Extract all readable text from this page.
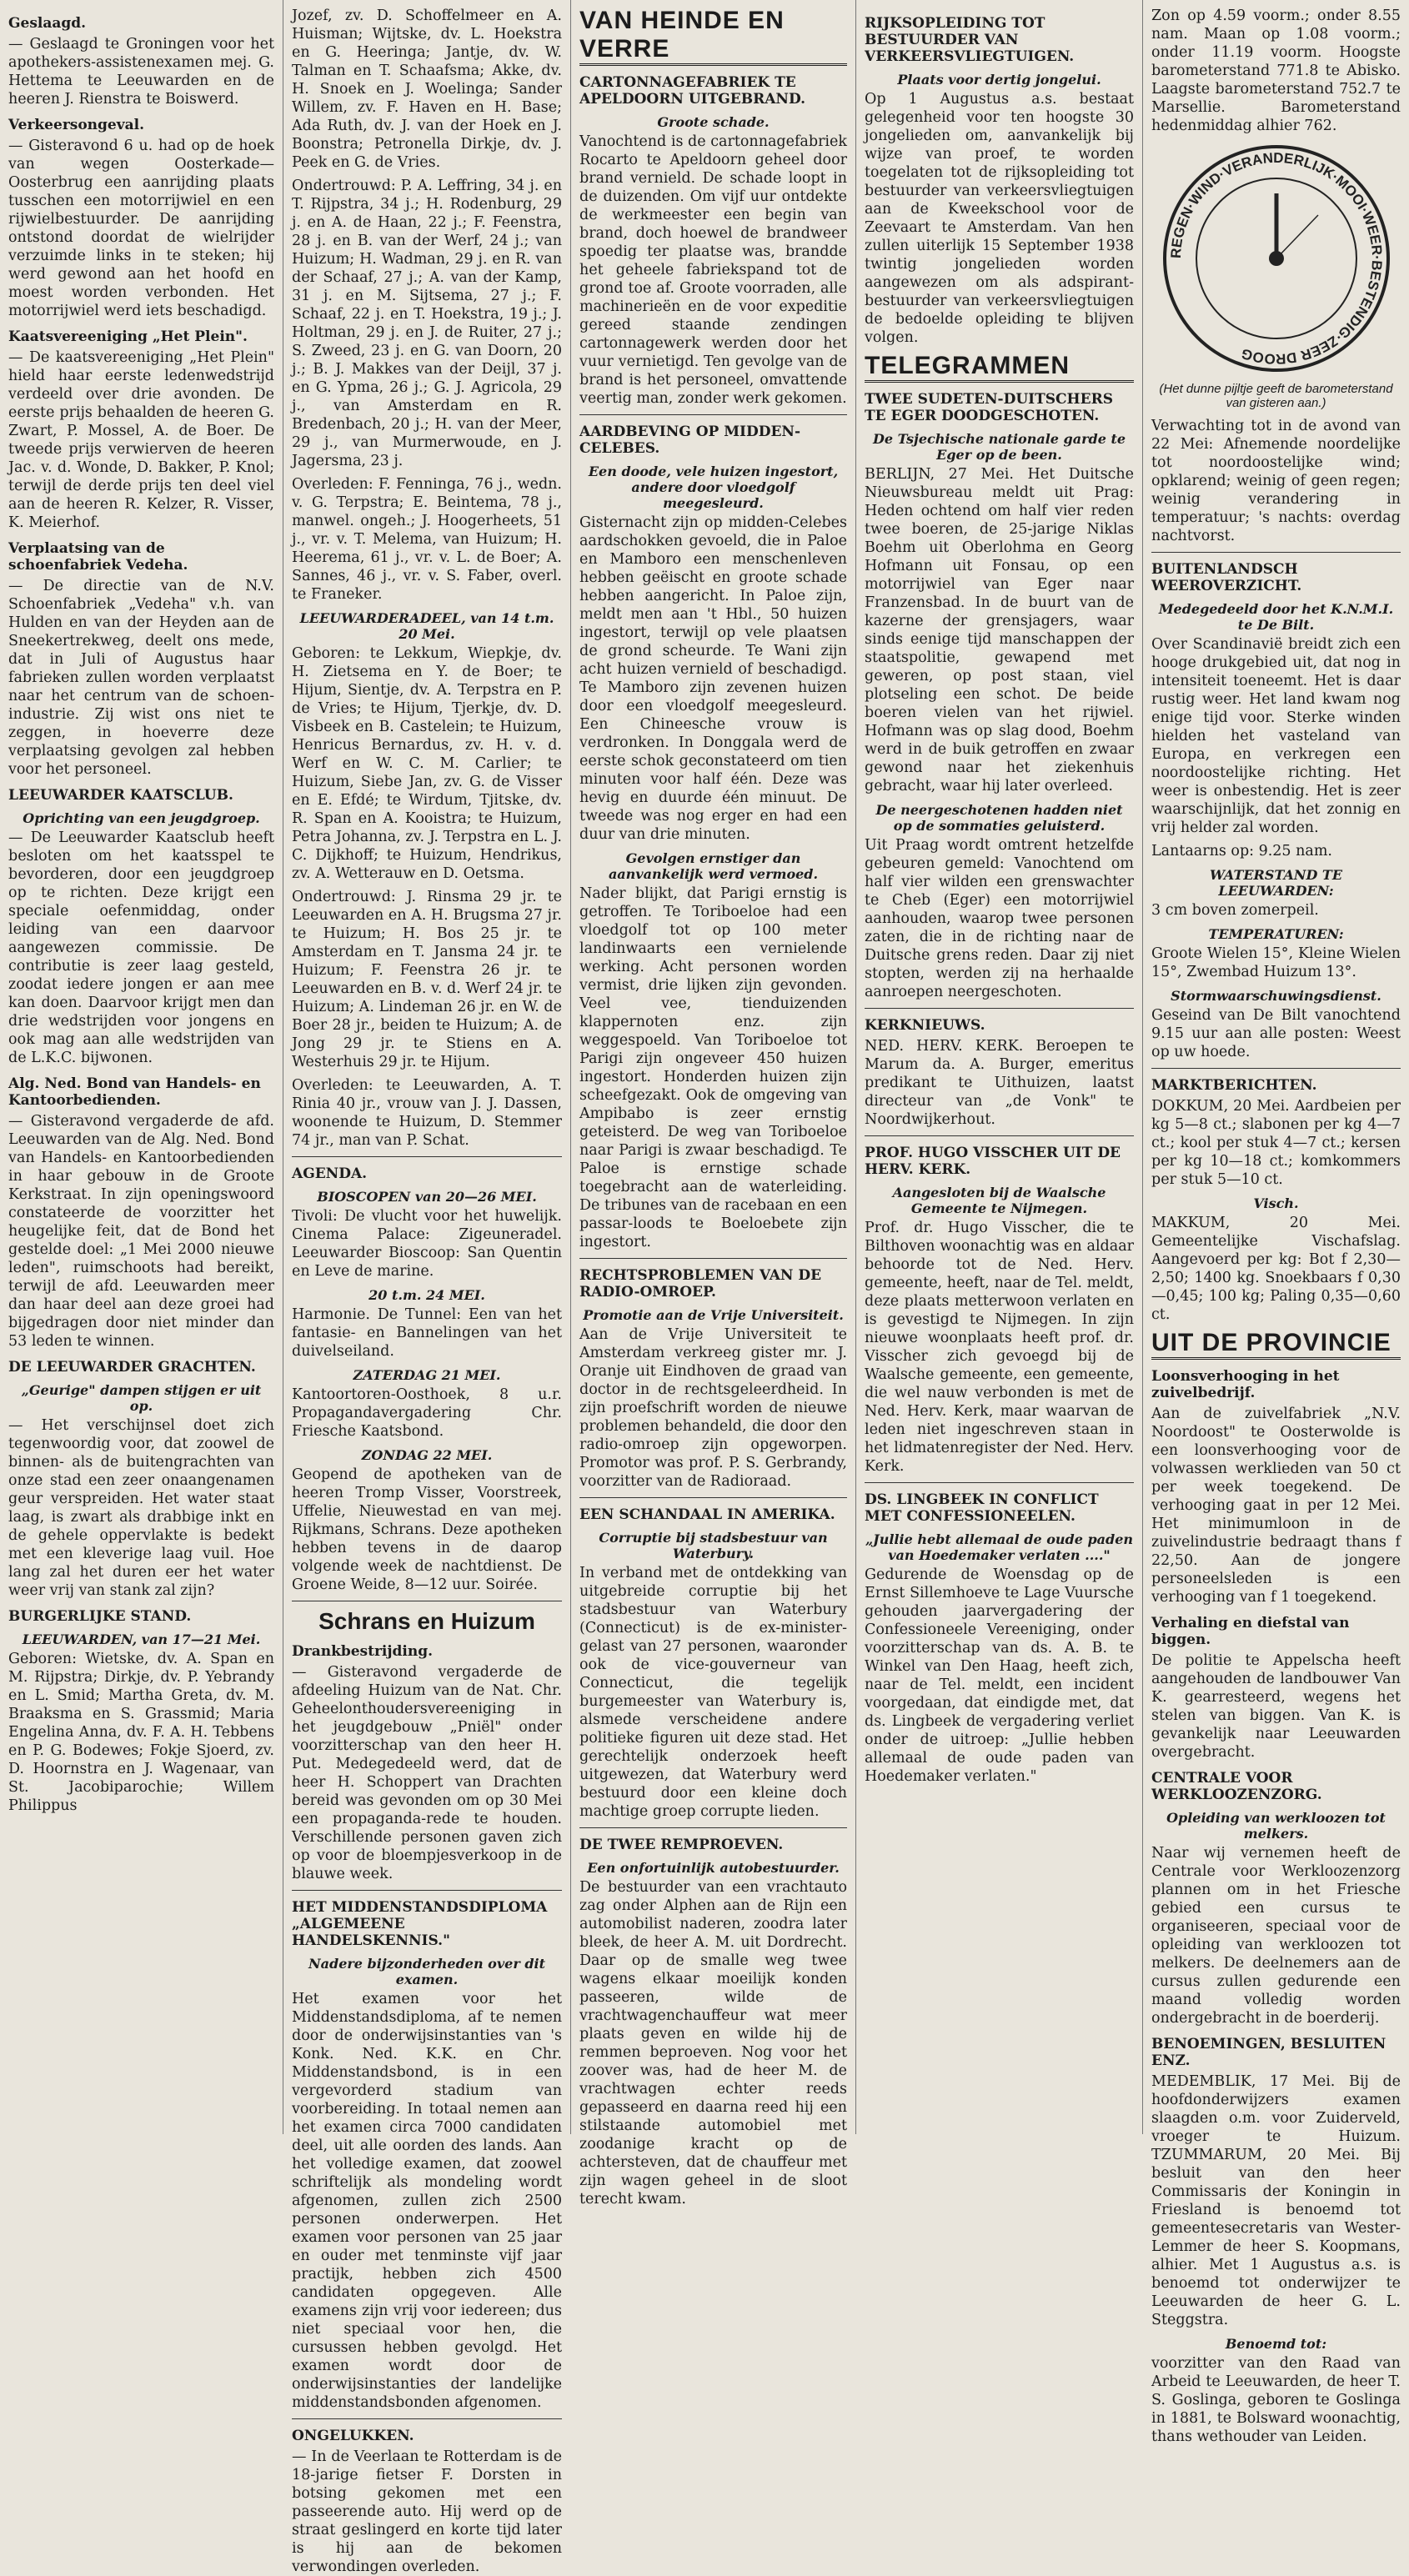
Geslaagd.

— Geslaagd te Groningen voor het apothekers-assistenexamen mej. G. Hettema te Leeuwarden en de heeren J. Rienstra te Boiswerd.

Verkeersongeval.

— Gisteravond 6 u. had op de hoek van wegen Oosterkade—Oosterbrug een aanrijding plaats tusschen een motorrijwiel en een rijwielbestuurder. De aanrijding ontstond doordat de wielrijder verzuimde links in te steken; hij werd gewond aan het hoofd en moest worden verbonden. Het motorrijwiel werd iets beschadigd.

Kaatsvereeniging „Het Plein".

— De kaatsvereeniging „Het Plein" hield haar eerste ledenwedstrijd verdeeld over drie avonden. De eerste prijs behaalden de heeren G. Zwart, P. Mossel, A. de Boer. De tweede prijs verwierven de heeren Jac. v. d. Wonde, D. Bakker, P. Knol; terwijl de derde prijs ten deel viel aan de heeren R. Kelzer, R. Visser, K. Meierhof.

Verplaatsing van de schoenfabriek Vedeha.

— De directie van de N.V. Schoenfabriek „Vedeha" v.h. van Hulden en van der Heyden aan de Sneekertrekweg, deelt ons mede, dat in Juli of Augustus haar fabrieken zullen worden verplaatst naar het centrum van de schoen-industrie. Zij wist ons niet te zeggen, in hoeverre deze verplaatsing gevolgen zal hebben voor het personeel.

LEEUWARDER KAATSCLUB.
Oprichting van een jeugdgroep.

— De Leeuwarder Kaatsclub heeft besloten om het kaatsspel te bevorderen, door een jeugdgroep op te richten. Deze krijgt een speciale oefenmiddag, onder leiding van een daarvoor aangewezen commissie. De contributie is zeer laag gesteld, zoodat iedere jongen er aan mee kan doen. Daarvoor krijgt men dan drie wedstrijden voor jongens en ook mag aan alle wedstrijden van de L.K.C. bijwonen.

Alg. Ned. Bond van Handels- en Kantoorbedienden.

— Gisteravond vergaderde de afd. Leeuwarden van de Alg. Ned. Bond van Handels- en Kantoorbedienden in haar gebouw in de Groote Kerkstraat. In zijn openingswoord constateerde de voorzitter het heugelijke feit, dat de Bond het gestelde doel: „1 Mei 2000 nieuwe leden", ruimschoots had bereikt, terwijl de afd. Leeuwarden meer dan haar deel aan deze groei had bijgedragen door niet minder dan 53 leden te winnen.

DE LEEUWARDER GRACHTEN.
„Geurige" dampen stijgen er uit op.

— Het verschijnsel doet zich tegenwoordig voor, dat zoowel de binnen- als de buitengrachten van onze stad een zeer onaangenamen geur verspreiden. Het water staat laag, is zwart als drabbige inkt en de gehele oppervlakte is bedekt met een kleverige laag vuil. Hoe lang zal het duren eer het water weer vrij van stank zal zijn?

BURGERLIJKE STAND.
LEEUWARDEN, van 17—21 Mei.

Geboren: Wietske, dv. A. Span en M. Rijpstra; Dirkje, dv. P. Yebrandy en L. Smid; Martha Greta, dv. M. Braaksma en S. Grassmid; Maria Engelina Anna, dv. F. A. H. Tebbens en P. G. Bodewes; Fokje Sjoerd, zv. D. Hoornstra en J. Wagenaar, van St. Jacobiparochie; Willem Philippus

Jozef, zv. D. Schoffelmeer en A. Huisman; Wijtske, dv. L. Hoekstra en G. Heeringa; Jantje, dv. W. Talman en T. Schaafsma; Akke, dv. H. Snoek en J. Woelinga; Sander Willem, zv. F. Haven en H. Base; Ada Ruth, dv. J. van der Hoek en J. Boonstra; Petronella Dirkje, dv. J. Peek en G. de Vries.

Ondertrouwd: P. A. Leffring, 34 j. en T. Rijpstra, 34 j.; H. Rodenburg, 29 j. en A. de Haan, 22 j.; F. Feenstra, 28 j. en B. van der Werf, 24 j.; van Huizum; H. Wadman, 29 j. en R. van der Schaaf, 27 j.; A. van der Kamp, 31 j. en M. Sijtsema, 27 j.; F. Schaaf, 22 j. en T. Hoekstra, 19 j.; J. Holtman, 29 j. en J. de Ruiter, 27 j.; S. Zweed, 23 j. en G. van Doorn, 20 j.; B. J. Makkes van der Deijl, 37 j. en G. Ypma, 26 j.; G. J. Agricola, 29 j., van Amsterdam en R. Bredenbach, 20 j.; H. van der Meer, 29 j., van Murmerwoude, en J. Jagersma, 23 j.

Overleden: F. Fenninga, 76 j., wedn. v. G. Terpstra; E. Beintema, 78 j., manwel. ongeh.; J. Hoogerheets, 51 j., vr. v. T. Melema, van Huizum; H. Heerema, 61 j., vr. v. L. de Boer; A. Sannes, 46 j., vr. v. S. Faber, overl. te Franeker.

LEEUWARDERADEEL, van 14 t.m. 20 Mei.

Geboren: te Lekkum, Wiepkje, dv. H. Zietsema en Y. de Boer; te Hijum, Sientje, dv. A. Terpstra en P. de Vries; te Hijum, Tjerkje, dv. D. Visbeek en B. Castelein; te Huizum, Henricus Bernardus, zv. H. v. d. Werf en W. C. M. Carlier; te Huizum, Siebe Jan, zv. G. de Visser en E. Efdé; te Wirdum, Tjitske, dv. R. Span en A. Kooistra; te Huizum, Petra Johanna, zv. J. Terpstra en L. J. C. Dijkhoff; te Huizum, Hendrikus, zv. A. Wetterauw en D. Oetsma.

Ondertrouwd: J. Rinsma 29 jr. te Leeuwarden en A. H. Brugsma 27 jr. te Huizum; H. Bos 25 jr. te Amsterdam en T. Jansma 24 jr. te Huizum; F. Feenstra 26 jr. te Leeuwarden en B. v. d. Werf 24 jr. te Huizum; A. Lindeman 26 jr. en W. de Boer 28 jr., beiden te Huizum; A. de Jong 29 jr. te Stiens en A. Westerhuis 29 jr. te Hijum.

Overleden: te Leeuwarden, A. T. Rinia 40 jr., vrouw van J. J. Dassen, woonende te Huizum, D. Stemmer 74 jr., man van P. Schat.

AGENDA.
BIOSCOPEN van 20—26 MEI.

Tivoli: De vlucht voor het huwelijk. Cinema Palace: Zigeuneradel. Leeuwarder Bioscoop: San Quentin en Leve de marine.

20 t.m. 24 MEI.

Harmonie. De Tunnel: Een van het fantasie- en Bannelingen van het duivelseiland.

ZATERDAG 21 MEI.

Kantoortoren-Oosthoek, 8 u.r. Propagandavergadering Chr. Friesche Kaatsbond.

ZONDAG 22 MEI.

Geopend de apotheken van de heeren Tromp Visser, Voorstreek, Uffelie, Nieuwestad en van mej. Rijkmans, Schrans. Deze apotheken hebben tevens in de daarop volgende week de nachtdienst. De Groene Weide, 8—12 uur. Soirée.

Schrans en Huizum
Drankbestrijding.

— Gisteravond vergaderde de afdeeling Huizum van de Nat. Chr. Geheelonthoudersvereeniging in het jeugdgebouw „Pniël" onder voorzitterschap van den heer H. Put. Medegedeeld werd, dat de heer H. Schoppert van Drachten bereid was gevonden om op 30 Mei een propaganda-rede te houden. Verschillende personen gaven zich op voor de bloempjesverkoop in de blauwe week.

HET MIDDENSTANDSDIPLOMA „ALGEMEENE HANDELSKENNIS."
Nadere bijzonderheden over dit examen.

Het examen voor het Middenstandsdiploma, af te nemen door de onderwijsinstanties van 's Konk. Ned. K.K. en Chr. Middenstandsbond, is in een vergevorderd stadium van voorbereiding. In totaal nemen aan het examen circa 7000 candidaten deel, uit alle oorden des lands. Aan het volledige examen, dat zoowel schriftelijk als mondeling wordt afgenomen, zullen zich 2500 personen onderwerpen. Het examen voor personen van 25 jaar en ouder met tenminste vijf jaar practijk, hebben zich 4500 candidaten opgegeven. Alle examens zijn vrij voor iedereen; dus niet speciaal voor hen, die cursussen hebben gevolgd. Het examen wordt door de onderwijsinstanties der landelijke middenstandsbonden afgenomen.

ONGELUKKEN.

— In de Veerlaan te Rotterdam is de 18-jarige fietser F. Dorsten in botsing gekomen met een passeerende auto. Hij werd op de straat geslingerd en korte tijd later is hij aan de bekomen verwondingen overleden.

VAN HEINDE EN VERRE
CARTONNAGEFABRIEK TE APELDOORN UITGEBRAND.
Groote schade.

Vanochtend is de cartonnagefabriek Rocarto te Apeldoorn geheel door brand vernield. De schade loopt in de duizenden. Om vijf uur ontdekte de werkmeester een begin van brand, doch hoewel de brandweer spoedig ter plaatse was, brandde het geheele fabriekspand tot de grond toe af. Groote voorraden, alle machinerieën en de voor expeditie gereed staande zendingen cartonnagewerk werden door het vuur vernietigd. Ten gevolge van de brand is het personeel, omvattende veertig man, zonder werk gekomen.

AARDBEVING OP MIDDEN-CELEBES.
Een doode, vele huizen ingestort, andere door vloedgolf meegesleurd.

Gisternacht zijn op midden-Celebes aardschokken gevoeld, die in Paloe en Mamboro een menschenleven hebben geëischt en groote schade hebben aangericht. In Paloe zijn, meldt men aan 't Hbl., 50 huizen ingestort, terwijl op vele plaatsen de grond scheurde. Te Wani zijn acht huizen vernield of beschadigd. Te Mamboro zijn zevenen huizen door een vloedgolf meegesleurd. Een Chineesche vrouw is verdronken. In Donggala werd de eerste schok geconstateerd om tien minuten voor half één. Deze was hevig en duurde één minuut. De tweede was nog erger en had een duur van drie minuten.

Gevolgen ernstiger dan aanvankelijk werd vermoed.

Nader blijkt, dat Parigi ernstig is getroffen. Te Toriboeloe had een vloedgolf tot op 100 meter landinwaarts een vernielende werking. Acht personen worden vermist, drie lijken zijn gevonden. Veel vee, tienduizenden klappernoten enz. zijn weggespoeld. Van Toriboeloe tot Parigi zijn ongeveer 450 huizen ingestort. Honderden huizen zijn scheefgezakt. Ook de omgeving van Ampibabo is zeer ernstig geteisterd. De weg van Toriboeloe naar Parigi is zwaar beschadigd. Te Paloe is ernstige schade toegebracht aan de waterleiding. De tribunes van de racebaan en een passar-loods te Boeloebete zijn ingestort.

RECHTSPROBLEMEN VAN DE RADIO-OMROEP.
Promotie aan de Vrije Universiteit.

Aan de Vrije Universiteit te Amsterdam verkreeg gister mr. J. Oranje uit Eindhoven de graad van doctor in de rechtsgeleerdheid. In zijn proefschrift worden de nieuwe problemen behandeld, die door den radio-omroep zijn opgeworpen. Promotor was prof. P. S. Gerbrandy, voorzitter van de Radioraad.

EEN SCHANDAAL IN AMERIKA.
Corruptie bij stadsbestuur van Waterbury.

In verband met de ontdekking van uitgebreide corruptie bij het stadsbestuur van Waterbury (Connecticut) is de ex-minister-gelast van 27 personen, waaronder ook de vice-gouverneur van Connecticut, die tegelijk burgemeester van Waterbury is, alsmede verscheidene andere politieke figuren uit deze stad. Het gerechtelijk onderzoek heeft uitgewezen, dat Waterbury werd bestuurd door een kleine doch machtige groep corrupte lieden.

DE TWEE REMPROEVEN.
Een onfortuinlijk autobestuurder.

De bestuurder van een vrachtauto zag onder Alphen aan de Rijn een automobilist naderen, zoodra later bleek, de heer A. M. uit Dordrecht. Daar op de smalle weg twee wagens elkaar moeilijk konden passeeren, wilde de vrachtwagenchauffeur wat meer plaats geven en wilde hij de remmen beproeven. Nog voor het zoover was, had de heer M. de vrachtwagen echter reeds gepasseerd en daarna reed hij een stilstaande automobiel met zoodanige kracht op de achtersteven, dat de chauffeur met zijn wagen geheel in de sloot terecht kwam.

RIJKSOPLEIDING TOT BESTUURDER VAN VERKEERSVLIEGTUIGEN.
Plaats voor dertig jongelui.

Op 1 Augustus a.s. bestaat gelegenheid voor ten hoogste 30 jongelieden om, aanvankelijk bij wijze van proef, te worden toegelaten tot de rijksopleiding tot bestuurder van verkeersvliegtuigen aan de Kweekschool voor de Zeevaart te Amsterdam. Van hen zullen uiterlijk 15 September 1938 twintig jongelieden worden aangewezen om als adspirant-bestuurder van verkeersvliegtuigen de bedoelde opleiding te blijven volgen.

TELEGRAMMEN
TWEE SUDETEN-DUITSCHERS TE EGER DOODGESCHOTEN.
De Tsjechische nationale garde te Eger op de been.

BERLIJN, 27 Mei. Het Duitsche Nieuwsbureau meldt uit Prag: Heden ochtend om half vier reden twee boeren, de 25-jarige Niklas Boehm uit Oberlohma en Georg Hofmann uit Fonsau, op een motorrijwiel van Eger naar Franzensbad. In de buurt van de kazerne der grensjagers, waar sinds eenige tijd manschappen der staatspolitie, gewapend met geweren, op post staan, viel plotseling een schot. De beide boeren vielen van het rijwiel. Hofmann was op slag dood, Boehm werd in de buik getroffen en zwaar gewond naar het ziekenhuis gebracht, waar hij later overleed.

De neergeschotenen hadden niet op de sommaties geluisterd.

Uit Praag wordt omtrent hetzelfde gebeuren gemeld: Vanochtend om half vier wilden een grenswachter te Cheb (Eger) een motorrijwiel aanhouden, waarop twee personen zaten, die in de richting naar de Duitsche grens reden. Daar zij niet stopten, werden zij na herhaalde aanroepen neergeschoten.

KERKNIEUWS.

NED. HERV. KERK. Beroepen te Marum da. A. Burger, emeritus predikant te Uithuizen, laatst directeur van „de Vonk" te Noordwijkerhout.

PROF. HUGO VISSCHER UIT DE HERV. KERK.
Aangesloten bij de Waalsche Gemeente te Nijmegen.

Prof. dr. Hugo Visscher, die te Bilthoven woonachtig was en aldaar behoorde tot de Ned. Herv. gemeente, heeft, naar de Tel. meldt, deze plaats metterwoon verlaten en is gevestigd te Nijmegen. In zijn nieuwe woonplaats heeft prof. dr. Visscher zich gevoegd bij de Waalsche gemeente, een gemeente, die wel nauw verbonden is met de Ned. Herv. Kerk, maar waarvan de leden niet ingeschreven staan in het lidmatenregister der Ned. Herv. Kerk.

DS. LINGBEEK IN CONFLICT MET CONFESSIONEELEN.
„Jullie hebt allemaal de oude paden van Hoedemaker verlaten ...."

Gedurende de Woensdag op de Ernst Sillemhoeve te Lage Vuursche gehouden jaarvergadering der Confessioneele Vereeniging, onder voorzitterschap van ds. A. B. te Winkel van Den Haag, heeft zich, naar de Tel. meldt, een incident voorgedaan, dat eindigde met, dat ds. Lingbeek de vergadering verliet onder de uitroep: „Jullie hebben allemaal de oude paden van Hoedemaker verlaten."

Zon op 4.59 voorm.; onder 8.55 nam. Maan op 1.08 voorm.; onder 11.19 voorm. Hoogste barometerstand 771.8 te Abisko. Laagste barometerstand 752.7 te Marsellie. Barometerstand hedenmiddag alhier 762.

REGEN·WIND·VERANDERLIJK·MOOI·WEER·BESTENDIG·ZEER DROOG
(Het dunne pijltje geeft de barometerstand van gisteren aan.)

Verwachting tot in de avond van 22 Mei: Afnemende noordelijke tot noordoostelijke wind; opklarend; weinig of geen regen; weinig verandering in temperatuur; 's nachts: overdag nachtvorst.

BUITENLANDSCH WEEROVERZICHT.
Medegedeeld door het K.N.M.I. te De Bilt.

Over Scandinavië breidt zich een hooge drukgebied uit, dat nog in intensiteit toeneemt. Het is daar rustig weer. Het land kwam nog enige tijd voor. Sterke winden hielden het vasteland van Europa, en verkregen een noordoostelijke richting. Het weer is onbestendig. Het is zeer waarschijnlijk, dat het zonnig en vrij helder zal worden.

Lantaarns op: 9.25 nam.

WATERSTAND TE LEEUWARDEN:

3 cm boven zomerpeil.

TEMPERATUREN:

Groote Wielen 15°, Kleine Wielen 15°, Zwembad Huizum 13°.

Stormwaarschuwingsdienst.

Geseind van De Bilt vanochtend 9.15 uur aan alle posten: Weest op uw hoede.

MARKTBERICHTEN.

DOKKUM, 20 Mei. Aardbeien per kg 5—8 ct.; slabonen per kg 4—7 ct.; kool per stuk 4—7 ct.; kersen per kg 10—18 ct.; komkommers per stuk 5—10 ct.

Visch.

MAKKUM, 20 Mei. Gemeentelijke Vischafslag. Aangevoerd per kg: Bot f 2,30—2,50; 1400 kg. Snoekbaars f 0,30—0,45; 100 kg; Paling 0,35—0,60 ct.

UIT DE PROVINCIE
Loonsverhooging in het zuivelbedrijf.

Aan de zuivelfabriek „N.V. Noordoost" te Oosterwolde is een loonsverhooging voor de volwassen werklieden van 50 ct per week toegekend. De verhooging gaat in per 12 Mei. Het minimumloon in de zuivelindustrie bedraagt thans f 22,50. Aan de jongere personeelsleden is een verhooging van f 1 toegekend.

Verhaling en diefstal van biggen.

De politie te Appelscha heeft aangehouden de landbouwer Van K. gearresteerd, wegens het stelen van biggen. Van K. is gevankelijk naar Leeuwarden overgebracht.

CENTRALE VOOR WERKLOOZENZORG.
Opleiding van werkloozen tot melkers.

Naar wij vernemen heeft de Centrale voor Werkloozenzorg plannen om in het Friesche gebied een cursus te organiseeren, speciaal voor de opleiding van werkloozen tot melkers. De deelnemers aan de cursus zullen gedurende een maand volledig worden ondergebracht in de boerderij.

BENOEMINGEN, BESLUITEN ENZ.

MEDEMBLIK, 17 Mei. Bij de hoofdonderwijzers examen slaagden o.m. voor Zuiderveld, vroeger te Huizum. TZUMMARUM, 20 Mei. Bij besluit van den heer Commissaris der Koningin in Friesland is benoemd tot gemeentesecretaris van Wester-Lemmer de heer S. Koopmans, alhier. Met 1 Augustus a.s. is benoemd tot onderwijzer te Leeuwarden de heer G. L. Steggstra.

Benoemd tot:

voorzitter van den Raad van Arbeid te Leeuwarden, de heer T. S. Goslinga, geboren te Goslinga in 1881, te Bolsward woonachtig, thans wethouder van Leiden.
